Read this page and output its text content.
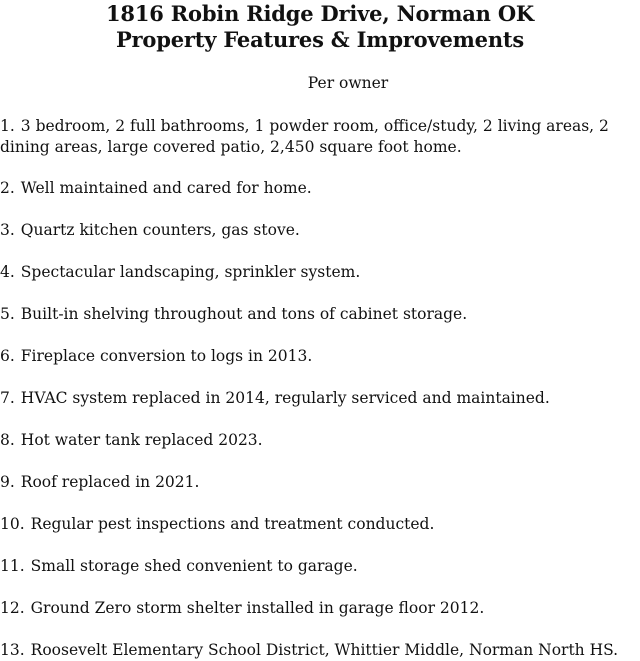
1816 Robin Ridge Drive, Norman OK
Property Features & Improvements
Per owner
1. 3 bedroom, 2 full bathrooms, 1 powder room, office/study, 2 living areas, 2
dining areas, large covered patio, 2,450 square foot home.
2. Well maintained and cared for home.
3. Quartz kitchen counters, gas stove.
4. Spectacular landscaping, sprinkler system.
5. Built-in shelving throughout and tons of cabinet storage.
6. Fireplace conversion to logs in 2013.
7. HVAC system replaced in 2014, regularly serviced and maintained.
8. Hot water tank replaced 2023.
9. Roof replaced in 2021.
10. Regular pest inspections and treatment conducted.
11. Small storage shed convenient to garage.
12. Ground Zero storm shelter installed in garage floor 2012.
13. Roosevelt Elementary School District, Whittier Middle, Norman North HS.
